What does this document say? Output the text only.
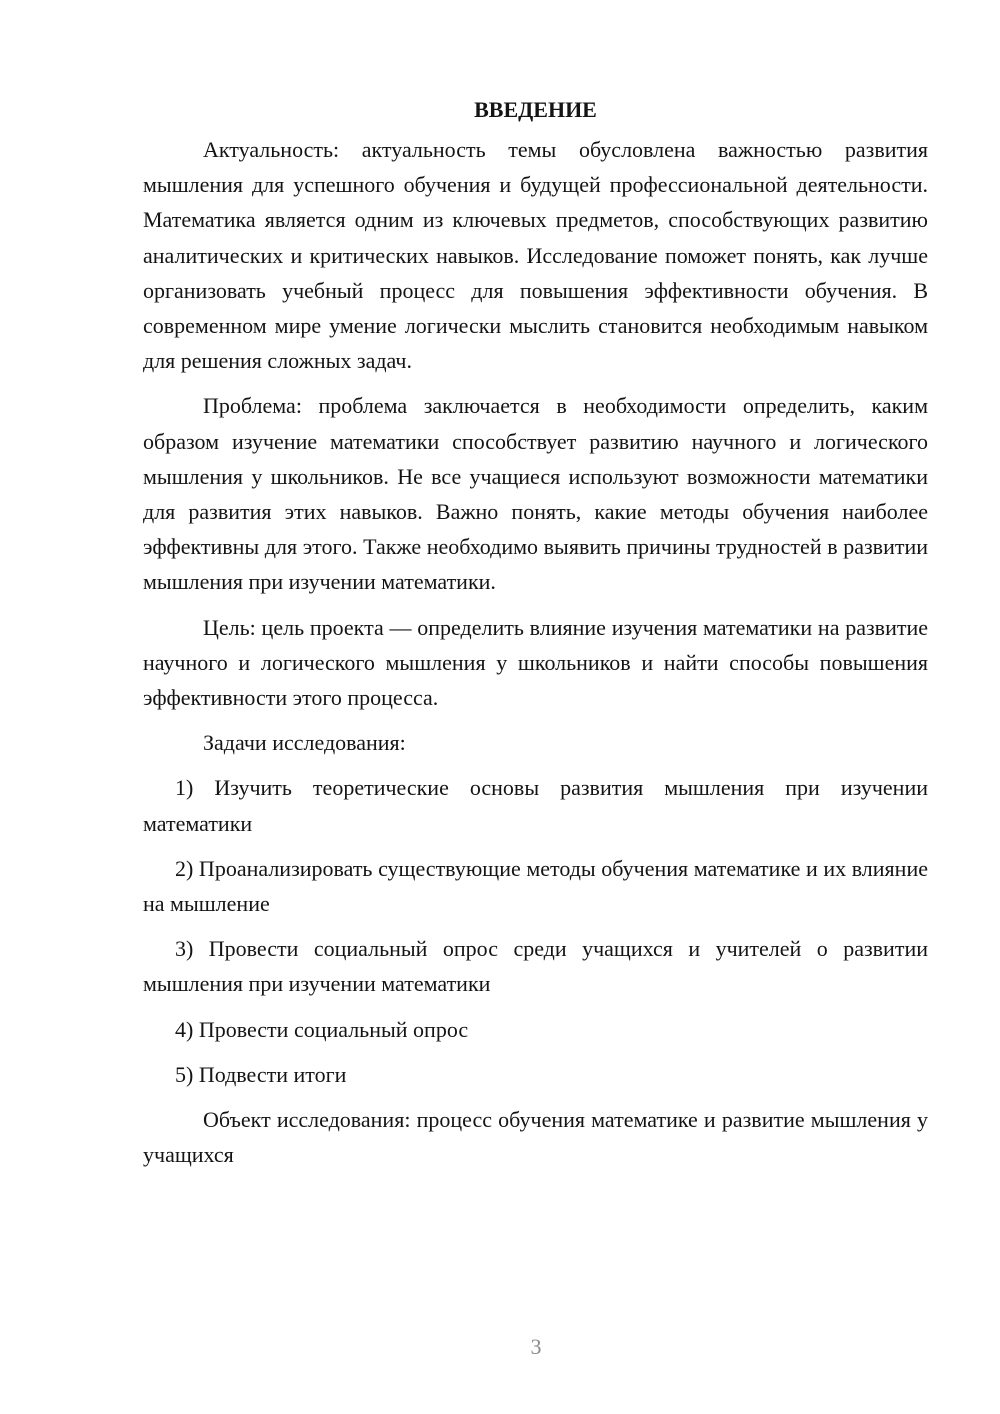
ВВЕДЕНИЕ

Актуальность: актуальность темы обусловлена важностью развития мышления для успешного обучения и будущей профессиональной деятельности. Математика является одним из ключевых предметов, способствующих развитию аналитических и критических навыков. Исследование поможет понять, как лучше организовать учебный процесс для повышения эффективности обучения. В современном мире умение логически мыслить становится необходимым навыком для решения сложных задач.

Проблема: проблема заключается в необходимости определить, каким образом изучение математики способствует развитию научного и логического мышления у школьников. Не все учащиеся используют возможности математики для развития этих навыков. Важно понять, какие методы обучения наиболее эффективны для этого. Также необходимо выявить причины трудностей в развитии мышления при изучении математики.

Цель: цель проекта — определить влияние изучения математики на развитие научного и логического мышления у школьников и найти способы повышения эффективности этого процесса.

Задачи исследования:

1) Изучить теоретические основы развития мышления при изучении математики

2) Проанализировать существующие методы обучения математике и их влияние на мышление

3) Провести социальный опрос среди учащихся и учителей о развитии мышления при изучении математики

4) Провести социальный опрос

5) Подвести итоги

Объект исследования: процесс обучения математике и развитие мышления у учащихся

3
